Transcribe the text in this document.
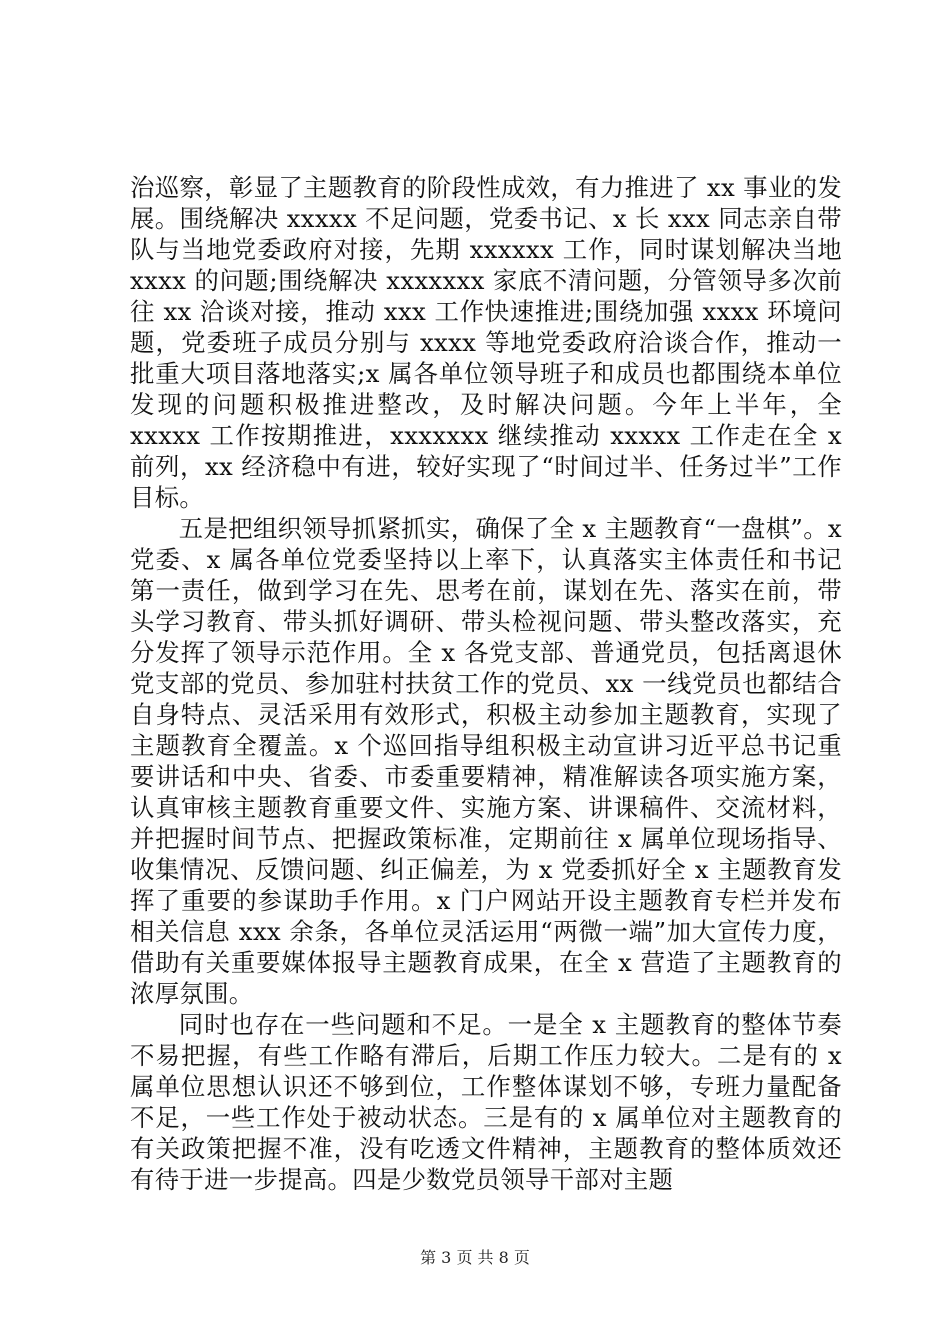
治巡察，彰显了主题教育的阶段性成效，有力推进了 xx 事业的发展。围绕解决 xxxxx 不足问题，党委书记、x 长 xxx 同志亲自带队与当地党委政府对接，先期 xxxxxx 工作，同时谋划解决当地 xxxx 的问题;围绕解决 xxxxxxx 家底不清问题，分管领导多次前往 xx 洽谈对接，推动 xxx 工作快速推进;围绕加强 xxxx 环境问题，党委班子成员分别与 xxxx 等地党委政府洽谈合作，推动一批重大项目落地落实;x 属各单位领导班子和成员也都围绕本单位发现的问题积极推进整改，及时解决问题。今年上半年，全 xxxxx 工作按期推进，xxxxxxx 继续推动 xxxxx 工作走在全 x 前列，xx 经济稳中有进，较好实现了“时间过半、任务过半”工作目标。

五是把组织领导抓紧抓实，确保了全 x 主题教育“一盘棋”。x 党委、x 属各单位党委坚持以上率下，认真落实主体责任和书记第一责任，做到学习在先、思考在前，谋划在先、落实在前，带头学习教育、带头抓好调研、带头检视问题、带头整改落实，充分发挥了领导示范作用。全 x 各党支部、普通党员，包括离退休党支部的党员、参加驻村扶贫工作的党员、xx 一线党员也都结合自身特点、灵活采用有效形式，积极主动参加主题教育，实现了主题教育全覆盖。x 个巡回指导组积极主动宣讲习近平总书记重要讲话和中央、省委、市委重要精神，精准解读各项实施方案，认真审核主题教育重要文件、实施方案、讲课稿件、交流材料，并把握时间节点、把握政策标准，定期前往 x 属单位现场指导、收集情况、反馈问题、纠正偏差，为 x 党委抓好全 x 主题教育发挥了重要的参谋助手作用。x 门户网站开设主题教育专栏并发布相关信息 xxx 余条，各单位灵活运用“两微一端”加大宣传力度，借助有关重要媒体报导主题教育成果，在全 x 营造了主题教育的浓厚氛围。

同时也存在一些问题和不足。一是全 x 主题教育的整体节奏不易把握，有些工作略有滞后，后期工作压力较大。二是有的 x 属单位思想认识还不够到位，工作整体谋划不够，专班力量配备不足，一些工作处于被动状态。三是有的 x 属单位对主题教育的有关政策把握不准，没有吃透文件精神，主题教育的整体质效还有待于进一步提高。四是少数党员领导干部对主题

第 3 页 共 8 页
